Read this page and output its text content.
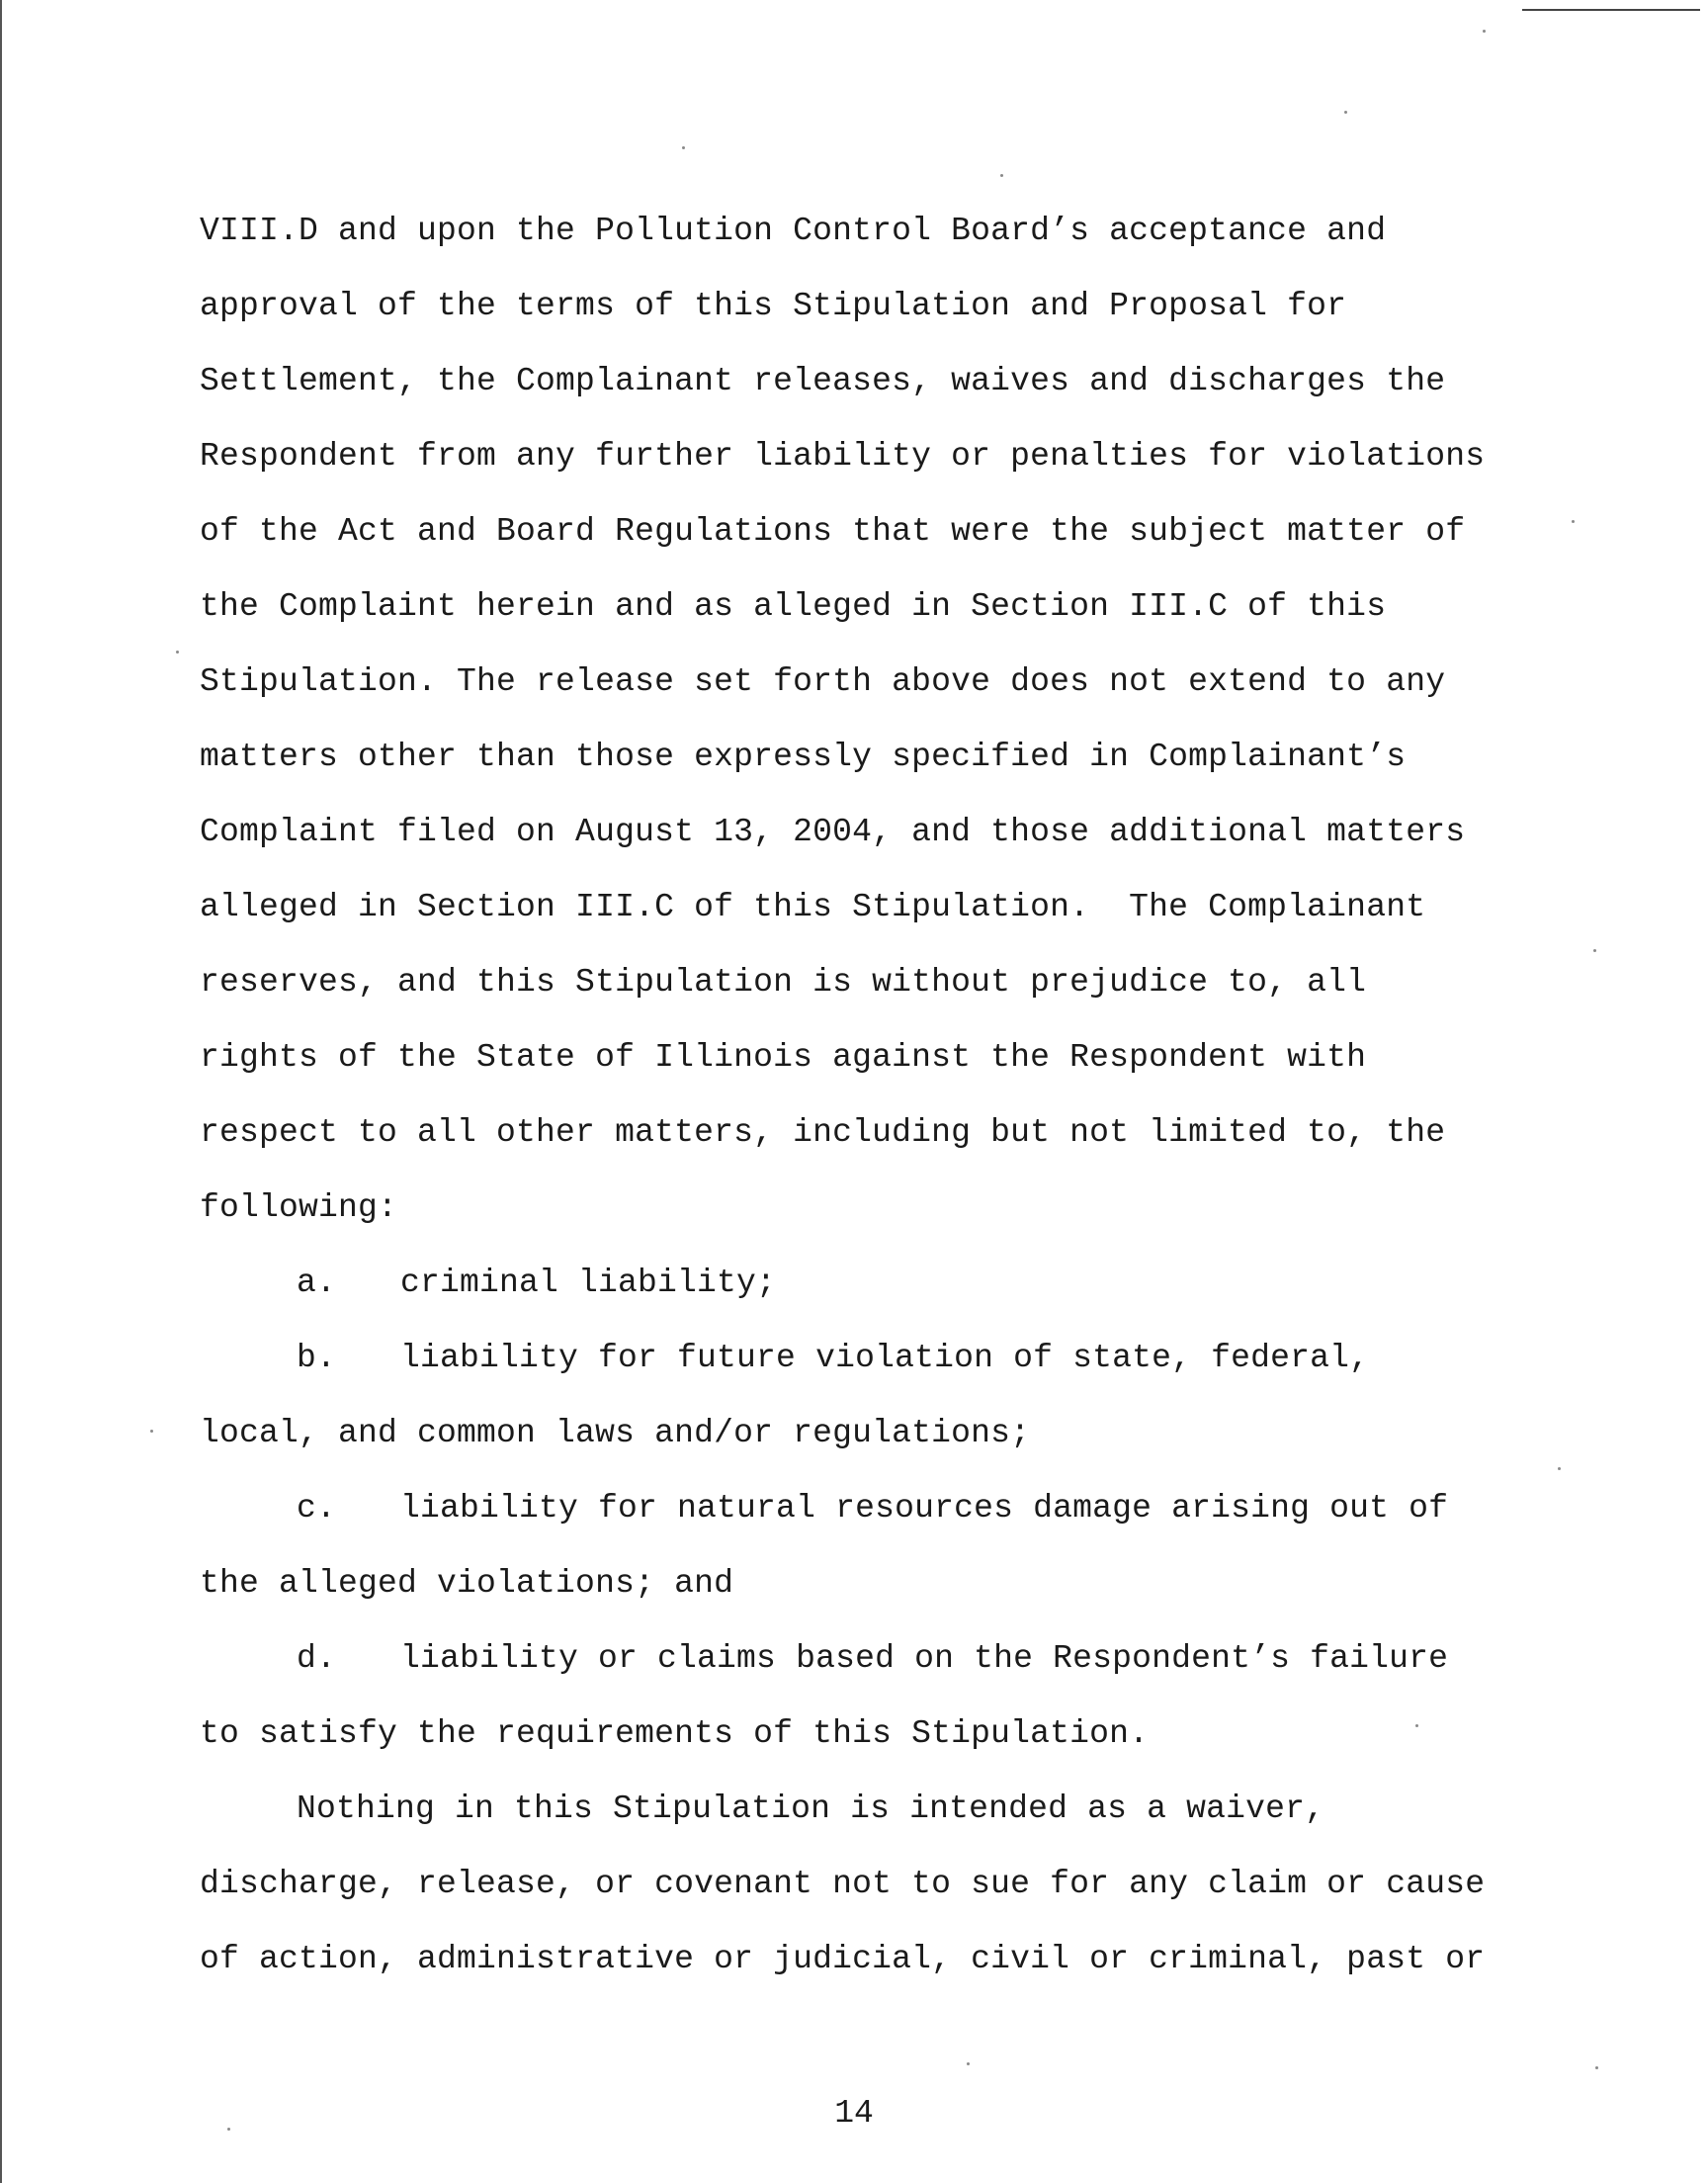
VIII.D and upon the Pollution Control Board’s acceptance and
approval of the terms of this Stipulation and Proposal for
Settlement, the Complainant releases, waives and discharges the
Respondent from any further liability or penalties for violations
of the Act and Board Regulations that were the subject matter of
the Complaint herein and as alleged in Section III.C of this
Stipulation. The release set forth above does not extend to any
matters other than those expressly specified in Complainant’s
Complaint filed on August 13, 2004, and those additional matters
alleged in Section III.C of this Stipulation.  The Complainant
reserves, and this Stipulation is without prejudice to, all
rights of the State of Illinois against the Respondent with
respect to all other matters, including but not limited to, the
following:
a. criminal liability;
b. liability for future violation of state, federal,
local, and common laws and/or regulations;
c. liability for natural resources damage arising out of
the alleged violations; and
d. liability or claims based on the Respondent’s failure
to satisfy the requirements of this Stipulation.
Nothing in this Stipulation is intended as a waiver,
discharge, release, or covenant not to sue for any claim or cause
of action, administrative or judicial, civil or criminal, past or
14
